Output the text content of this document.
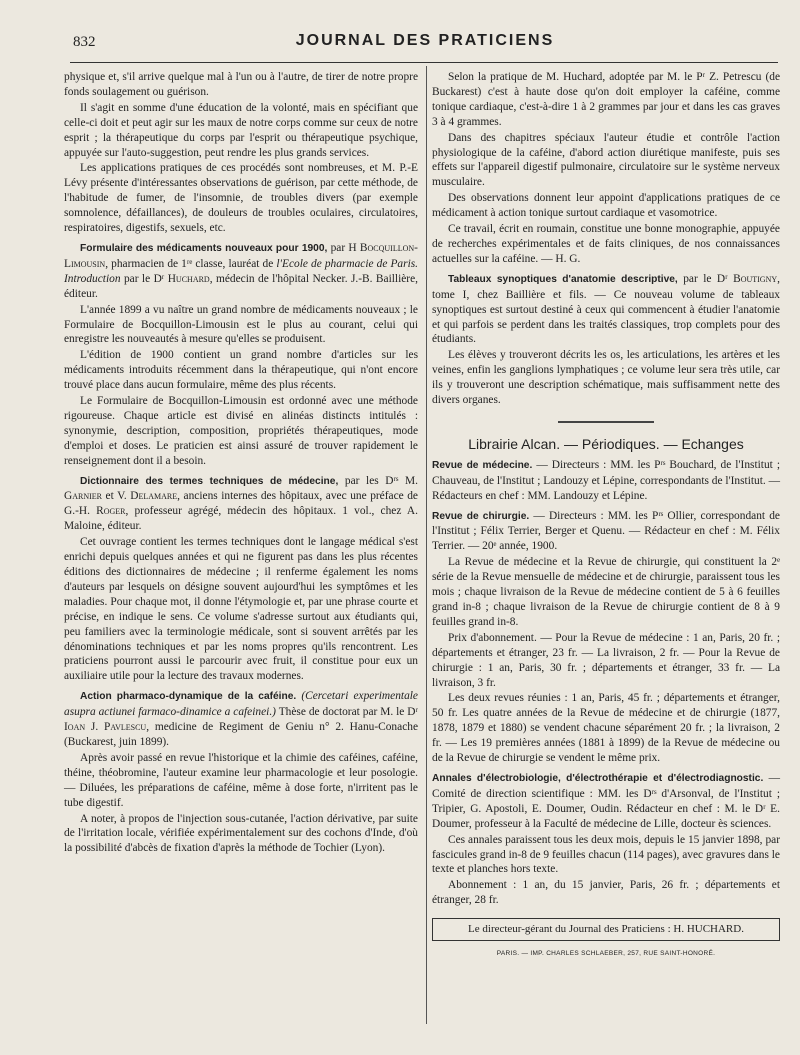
832	JOURNAL DES PRATICIENS

physique et, s'il arrive quelque mal à l'un ou à l'autre, de tirer de notre propre fonds soulagement ou guérison.

Il s'agit en somme d'une éducation de la volonté, mais en spécifiant que celle-ci doit et peut agir sur les maux de notre corps comme sur ceux de notre esprit ; la thérapeutique du corps par l'esprit ou thérapeutique psychique, appuyée sur l'auto-suggestion, peut rendre les plus grands services.

Les applications pratiques de ces procédés sont nombreuses, et M. P.-E Lévy présente d'intéressantes observations de guérison, par cette méthode, de l'habitude de fumer, de l'insomnie, de troubles divers (par exemple somnolence, défaillances), de douleurs de troubles oculaires, circulatoires, respiratoires, digestifs, sexuels, etc.

Formulaire des médicaments nouveaux pour 1900, par H Bocquillon-Limousin, pharmacien de 1ʳᵉ classe, lauréat de l'Ecole de pharmacie de Paris. Introduction par le Dʳ Huchard, médecin de l'hôpital Necker. J.-B. Baillière, éditeur.

L'année 1899 a vu naître un grand nombre de médicaments nouveaux ; le Formulaire de Bocquillon-Limousin est le plus au courant, celui qui enregistre les nouveautés à mesure qu'elles se produisent.

L'édition de 1900 contient un grand nombre d'articles sur les médicaments introduits récemment dans la thérapeutique, qui n'ont encore trouvé place dans aucun formulaire, même des plus récents.

Le Formulaire de Bocquillon-Limousin est ordonné avec une méthode rigoureuse. Chaque article est divisé en alinéas distincts intitulés : synonymie, description, composition, propriétés thérapeutiques, mode d'emploi et doses. Le praticien est ainsi assuré de trouver rapidement le renseignement dont il a besoin.

Dictionnaire des termes techniques de médecine, par les Dʳˢ M. Garnier et V. Delamare, anciens internes des hôpitaux, avec une préface de G.-H. Roger, professeur agrégé, médecin des hôpitaux. 1 vol., chez A. Maloine, éditeur.

Cet ouvrage contient les termes techniques dont le langage médical s'est enrichi depuis quelques années et qui ne figurent pas dans les plus récentes éditions des dictionnaires de médecine ; il renferme également les noms d'auteurs par lesquels on désigne souvent aujourd'hui les symptômes et les maladies. Pour chaque mot, il donne l'étymologie et, par une phrase courte et précise, en indique le sens. Ce volume s'adresse surtout aux étudiants qui, peu familiers avec la terminologie médicale, sont si souvent arrêtés par les dénominations techniques et par les noms propres qu'ils rencontrent. Les praticiens pourront aussi le parcourir avec fruit, il constitue pour eux un auxiliaire utile pour la lecture des travaux modernes.

Action pharmaco-dynamique de la caféine. (Cercetari experimentale asupra actiunei farmaco-dinamice a cafeinei.) Thèse de doctorat par M. le Dʳ Ioan J. Pavlescu, medicine de Regiment de Geniu n° 2. Hanu-Conache (Buckarest, juin 1899).

Après avoir passé en revue l'historique et la chimie des caféines, caféine, théine, théobromine, l'auteur examine leur pharmacologie et leur posologie. — Diluées, les préparations de caféine, même à dose forte, n'irritent pas le tube digestif.

A noter, à propos de l'injection sous-cutanée, l'action dérivative, par suite de l'irritation locale, vérifiée expérimentalement sur des cochons d'Inde, d'où la possibilité d'abcès de fixation d'après la méthode de Tochier (Lyon).

Selon la pratique de M. Huchard, adoptée par M. le Pʳ Z. Petrescu (de Buckarest) c'est à haute dose qu'on doit employer la caféine, comme tonique cardiaque, c'est-à-dire 1 à 2 grammes par jour et dans les cas graves 3 à 4 grammes.

Dans des chapitres spéciaux l'auteur étudie et contrôle l'action physiologique de la caféine, d'abord action diurétique manifeste, puis ses effets sur l'appareil digestif pulmonaire, circulatoire sur le système nerveux musculaire.

Des observations donnent leur appoint d'applications pratiques de ce médicament à action tonique surtout cardiaque et vasomotrice.

Ce travail, écrit en roumain, constitue une bonne monographie, appuyée de recherches expérimentales et de faits cliniques, de nos connaissances actuelles sur la caféine. — H. G.

Tableaux synoptiques d'anatomie descriptive, par le Dʳ Boutigny, tome I, chez Baillière et fils. — Ce nouveau volume de tableaux synoptiques est surtout destiné à ceux qui commencent à étudier l'anatomie et qui parfois se perdent dans les traités classiques, trop complets pour des étudiants.

Les élèves y trouveront décrits les os, les articulations, les artères et les veines, enfin les ganglions lymphatiques ; ce volume leur sera très utile, car ils y trouveront une description schématique, mais suffisamment nette des divers organes.

Librairie Alcan. — Périodiques. — Echanges

Revue de médecine. — Directeurs : MM. les Pʳˢ Bouchard, de l'Institut ; Chauveau, de l'Institut ; Landouzy et Lépine, correspondants de l'Institut. — Rédacteurs en chef : MM. Landouzy et Lépine.

Revue de chirurgie. — Directeurs : MM. les Pʳˢ Ollier, correspondant de l'Institut ; Félix Terrier, Berger et Quenu. — Rédacteur en chef : M. Félix Terrier. — 20ᵉ année, 1900.

La Revue de médecine et la Revue de chirurgie, qui constituent la 2ᵉ série de la Revue mensuelle de médecine et de chirurgie, paraissent tous les mois ; chaque livraison de la Revue de médecine contient de 5 à 6 feuilles grand in-8 ; chaque livraison de la Revue de chirurgie contient de 8 à 9 feuilles grand in-8.

Prix d'abonnement. — Pour la Revue de médecine : 1 an, Paris, 20 fr. ; départements et étranger, 23 fr. — La livraison, 2 fr. — Pour la Revue de chirurgie : 1 an, Paris, 30 fr. ; départements et étranger, 33 fr. — La livraison, 3 fr.

Les deux revues réunies : 1 an, Paris, 45 fr. ; départements et étranger, 50 fr. Les quatre années de la Revue de médecine et de chirurgie (1877, 1878, 1879 et 1880) se vendent chacune séparément 20 fr. ; la livraison, 2 fr. — Les 19 premières années (1881 à 1899) de la Revue de médecine ou de la Revue de chirurgie se vendent le même prix.

Annales d'électrobiologie, d'électrothérapie et d'électrodiagnostic. — Comité de direction scientifique : MM. les Dʳˢ d'Arsonval, de l'Institut ; Tripier, G. Apostoli, E. Doumer, Oudin. Rédacteur en chef : M. le Dʳ E. Doumer, professeur à la Faculté de médecine de Lille, docteur ès sciences.

Ces annales paraissent tous les deux mois, depuis le 15 janvier 1898, par fascicules grand in-8 de 9 feuilles chacun (114 pages), avec gravures dans le texte et planches hors texte.

Abonnement : 1 an, du 15 janvier, Paris, 26 fr. ; départements et étranger, 28 fr.

Le directeur-gérant du Journal des Praticiens : H. HUCHARD.
PARIS. — IMP. CHARLES SCHLAEBER, 257, RUE SAINT-HONORÉ.
